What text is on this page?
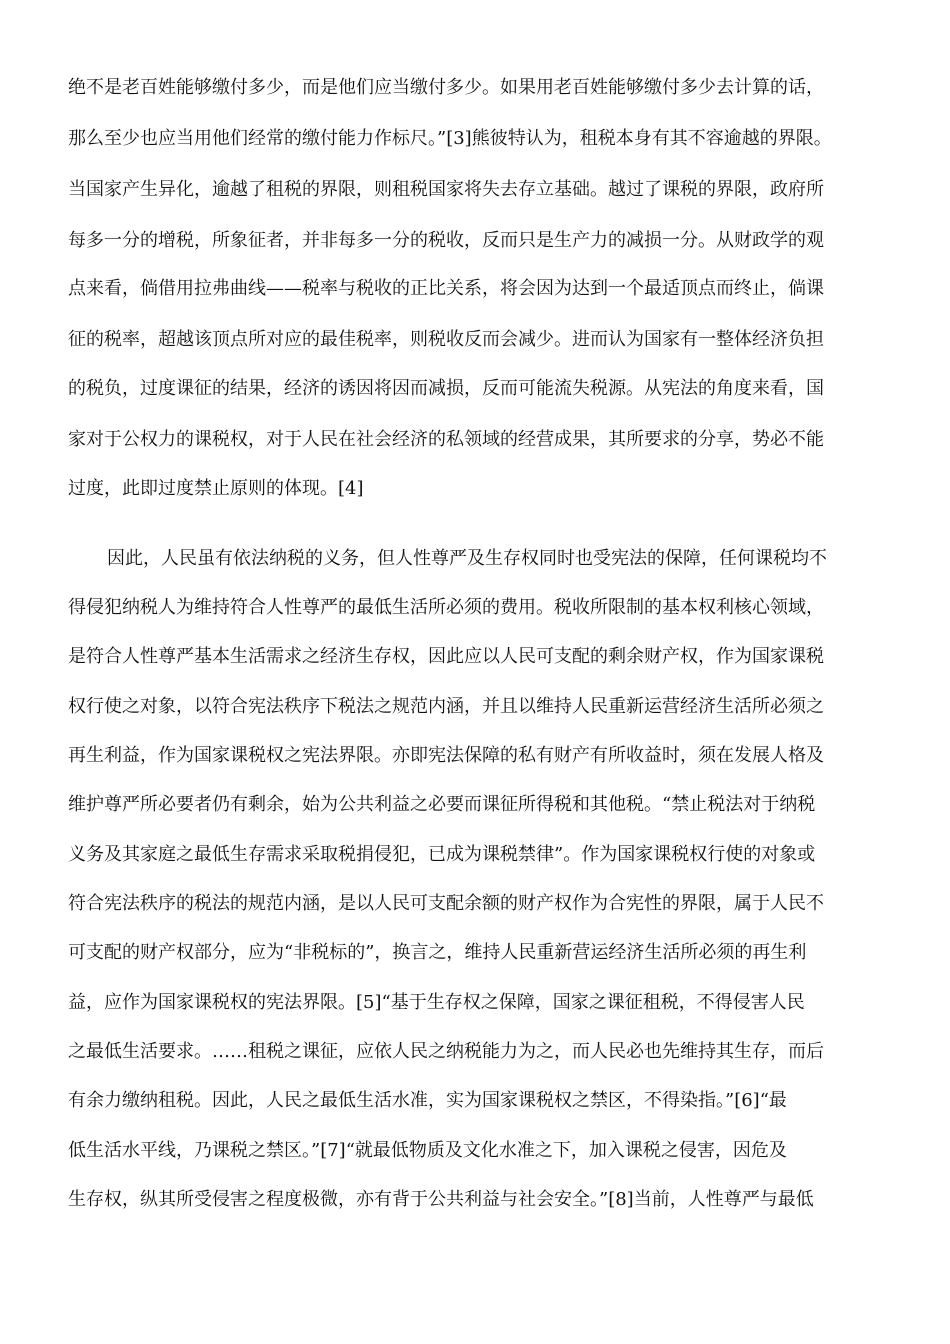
绝不是老百姓能够缴付多少，而是他们应当缴付多少。如果用老百姓能够缴付多少去计算的话，
那么至少也应当用他们经常的缴付能力作标尺。”[3]熊彼特认为，租税本身有其不容逾越的界限。
当国家产生异化，逾越了租税的界限，则租税国家将失去存立基础。越过了课税的界限，政府所
每多一分的增税，所象征者，并非每多一分的税收，反而只是生产力的减损一分。从财政学的观
点来看，倘借用拉弗曲线——税率与税收的正比关系，将会因为达到一个最适顶点而终止，倘课
征的税率，超越该顶点所对应的最佳税率，则税收反而会减少。进而认为国家有一整体经济负担
的税负，过度课征的结果，经济的诱因将因而减损，反而可能流失税源。从宪法的角度来看，国
家对于公权力的课税权，对于人民在社会经济的私领域的经营成果，其所要求的分享，势必不能
过度，此即过度禁止原则的体现。[4]
因此，人民虽有依法纳税的义务，但人性尊严及生存权同时也受宪法的保障，任何课税均不
得侵犯纳税人为维持符合人性尊严的最低生活所必须的费用。税收所限制的基本权利核心领域，
是符合人性尊严基本生活需求之经济生存权，因此应以人民可支配的剩余财产权，作为国家课税
权行使之对象，以符合宪法秩序下税法之规范内涵，并且以维持人民重新运营经济生活所必须之
再生利益，作为国家课税权之宪法界限。亦即宪法保障的私有财产有所收益时，须在发展人格及
维护尊严所必要者仍有剩余，始为公共利益之必要而课征所得税和其他税。“禁止税法对于纳税
义务及其家庭之最低生存需求采取税捐侵犯，已成为课税禁律”。作为国家课税权行使的对象或
符合宪法秩序的税法的规范内涵，是以人民可支配余额的财产权作为合宪性的界限，属于人民不
可支配的财产权部分，应为“非税标的”，换言之，维持人民重新营运经济生活所必须的再生利
益，应作为国家课税权的宪法界限。[5]“基于生存权之保障，国家之课征租税，不得侵害人民
之最低生活要求。……租税之课征，应依人民之纳税能力为之，而人民必也先维持其生存，而后
有余力缴纳租税。因此，人民之最低生活水准，实为国家课税权之禁区，不得染指。”[6]“最
低生活水平线，乃课税之禁区。”[7]“就最低物质及文化水准之下，加入课税之侵害，因危及
生存权，纵其所受侵害之程度极微，亦有背于公共利益与社会安全。”[8]当前，人性尊严与最低
